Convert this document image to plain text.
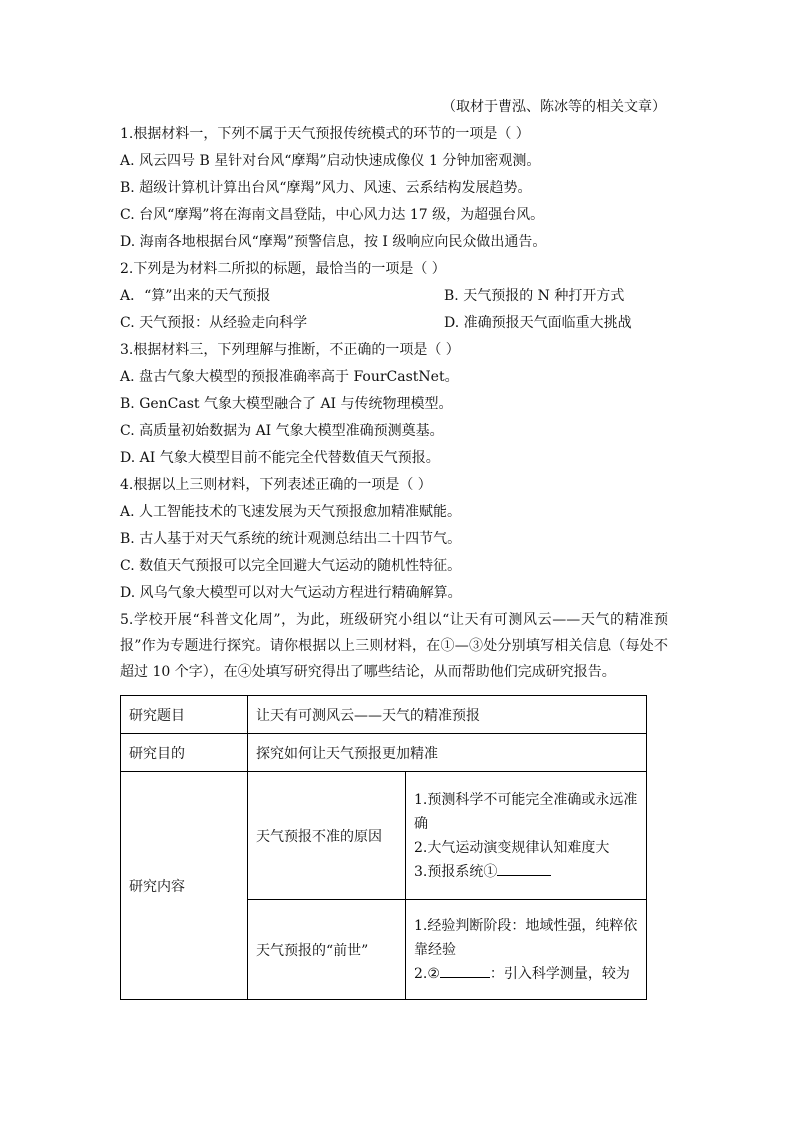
（取材于曹泓、陈冰等的相关文章）
1.根据材料一，下列不属于天气预报传统模式的环节的一项是（ ）
A. 风云四号 B 星针对台风“摩羯”启动快速成像仪 1 分钟加密观测。
B. 超级计算机计算出台风“摩羯”风力、风速、云系结构发展趋势。
C. 台风“摩羯”将在海南文昌登陆，中心风力达 17 级，为超强台风。
D. 海南各地根据台风“摩羯”预警信息，按 I 级响应向民众做出通告。
2.下列是为材料二所拟的标题，最恰当的一项是（ ）
A．“算”出来的天气预报	B. 天气预报的 N 种打开方式
C. 天气预报：从经验走向科学	D. 准确预报天气面临重大挑战
3.根据材料三，下列理解与推断，不正确的一项是（ ）
A. 盘古气象大模型的预报准确率高于 FourCastNet。
B. GenCast 气象大模型融合了 AI 与传统物理模型。
C. 高质量初始数据为 AI 气象大模型准确预测奠基。
D. AI 气象大模型目前不能完全代替数值天气预报。
4.根据以上三则材料，下列表述正确的一项是（ ）
A. 人工智能技术的飞速发展为天气预报愈加精准赋能。
B. 古人基于对天气系统的统计观测总结出二十四节气。
C. 数值天气预报可以完全回避大气运动的随机性特征。
D. 风乌气象大模型可以对大气运动方程进行精确解算。
5.学校开展“科普文化周”，为此，班级研究小组以“让天有可测风云——天气的精准预报”作为专题进行探究。请你根据以上三则材料，在①—③处分别填写相关信息（每处不超过 10 个字），在④处填写研究得出了哪些结论，从而帮助他们完成研究报告。
研究题目	让天有可测风云——天气的精准预报	
研究目的	探究如何让天气预报更加精准	
研究内容	天气预报不准的原因	1.预测科学不可能完全准确或永远准确
2.大气运动演变规律认知难度大
3.预报系统①

	天气预报的“前世”	1.经验判断阶段：地域性强，纯粹依靠经验
2.② ：引入科学测量，较为
